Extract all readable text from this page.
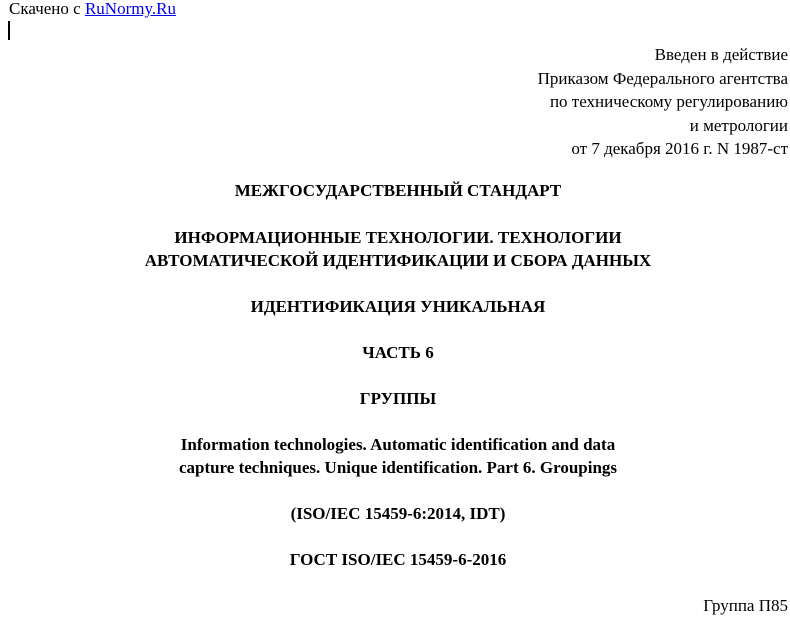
Скачено с RuNormy.Ru
Введен в действие
Приказом Федерального агентства
по техническому регулированию
и метрологии
от 7 декабря 2016 г. N 1987-ст
МЕЖГОСУДАРСТВЕННЫЙ СТАНДАРТ
ИНФОРМАЦИОННЫЕ ТЕХНОЛОГИИ. ТЕХНОЛОГИИ
АВТОМАТИЧЕСКОЙ ИДЕНТИФИКАЦИИ И СБОРА ДАННЫХ
ИДЕНТИФИКАЦИЯ УНИКАЛЬНАЯ
ЧАСТЬ 6
ГРУППЫ
Information technologies. Automatic identification and data
capture techniques. Unique identification. Part 6. Groupings
(ISO/IEC 15459-6:2014, IDT)
ГОСТ ISO/IEC 15459-6-2016
Группа П85
